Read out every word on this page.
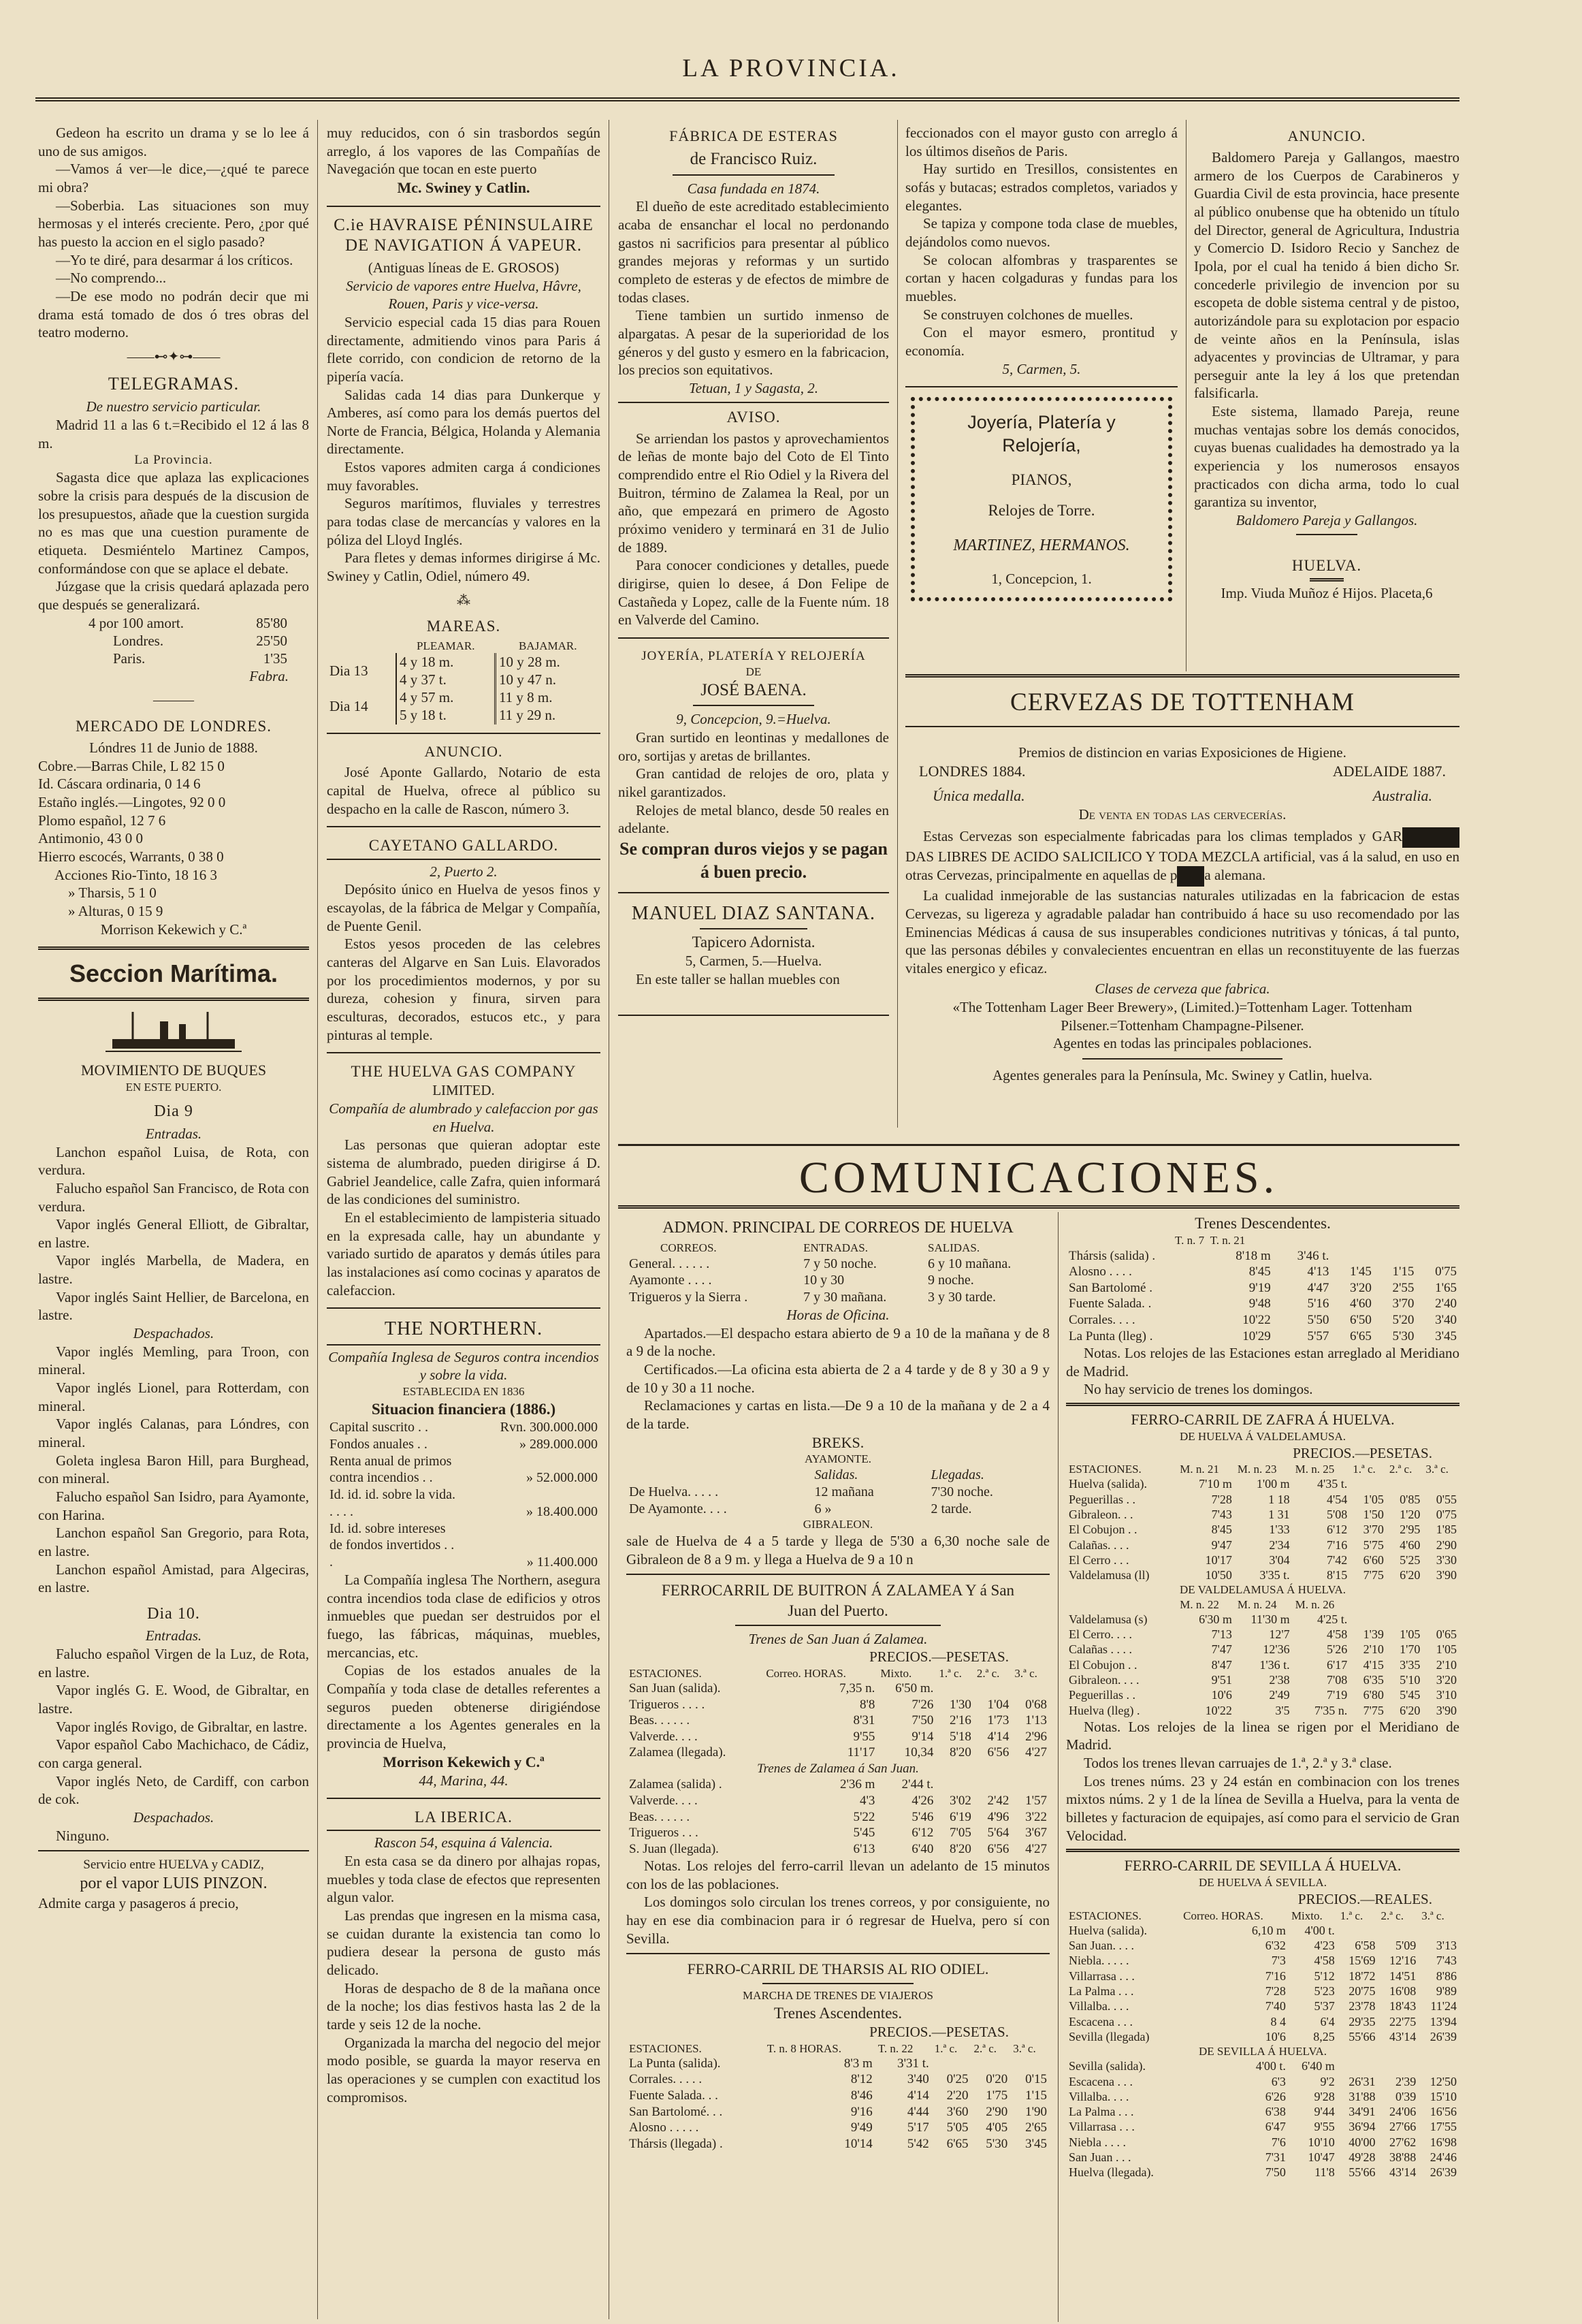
LA PROVINCIA.

Gedeon ha escrito un drama y se lo lee á uno de sus amigos.

—Vamos á ver—le dice,—¿qué te parece mi obra?

—Soberbia. Las situaciones son muy hermosas y el interés creciente. Pero, ¿por qué has puesto la accion en el siglo pasado?

—Yo te diré, para desarmar á los críticos.

—No comprendo...

—De ese modo no podrán decir que mi drama está tomado de dos ó tres obras del teatro moderno.

——⊷✦⊶——
TELEGRAMAS.

De nuestro servicio particular.

Madrid 11 a las 6 t.=Recibido el 12 á las 8 m.

La Provincia.

Sagasta dice que aplaza las explicaciones sobre la crisis para después de la discusion de los presupuestos, añade que la cuestion surgida no es mas que una cuestion puramente de etiqueta. Desmiéntelo Martinez Campos, conformándose con que se aplace el debate.

Júzgase que la crisis quedará aplazada pero que después se generalizará.

4 por 100 amort.	85'80
Londres.	25'50
Paris.	1'35

Fabra.

———
MERCADO DE LONDRES.

Lóndres 11 de Junio de 1888.

Cobre.—Barras Chile, L 82 15 0

Id. Cáscara ordinaria, 0 14 6

Estaño inglés.—Lingotes, 92 0 0

Plomo español, 12 7 6

Antimonio, 43 0 0

Hierro escocés, Warrants, 0 38 0

Acciones Rio-Tinto, 18 16 3

» Tharsis, 5 1 0

» Alturas, 0 15 9

Morrison Kekewich y C.ª

Seccion Marítima.
MOVIMIENTO DE BUQUES
EN ESTE PUERTO.
Dia 9

Entradas.

Lanchon español Luisa, de Rota, con verdura.

Falucho español San Francisco, de Rota con verdura.

Vapor inglés General Elliott, de Gibraltar, en lastre.

Vapor inglés Marbella, de Madera, en lastre.

Vapor inglés Saint Hellier, de Barcelona, en lastre.

Despachados.

Vapor inglés Memling, para Troon, con mineral.

Vapor inglés Lionel, para Rotterdam, con mineral.

Vapor inglés Calanas, para Lóndres, con mineral.

Goleta inglesa Baron Hill, para Burghead, con mineral.

Falucho español San Isidro, para Ayamonte, con Harina.

Lanchon español San Gregorio, para Rota, en lastre.

Lanchon español Amistad, para Algeciras, en lastre.

Dia 10.

Entradas.

Falucho español Virgen de la Luz, de Rota, en lastre.

Vapor inglés G. E. Wood, de Gibraltar, en lastre.

Vapor inglés Rovigo, de Gibraltar, en lastre.

Vapor español Cabo Machichaco, de Cádiz, con carga general.

Vapor inglés Neto, de Cardiff, con carbon de cok.

Despachados.

Ninguno.

Servicio entre HUELVA y CADIZ,

por el vapor LUIS PINZON.

Admite carga y pasageros á precio,

muy reducidos, con ó sin trasbordos según arreglo, á los vapores de las Compañías de Navegación que tocan en este puerto

Mc. Swiney y Catlin.

C.ie HAVRAISE PÉNINSULAIRE DE NAVIGATION Á VAPEUR.

(Antiguas líneas de E. GROSOS)

Servicio de vapores entre Huelva, Hâvre, Rouen, Paris y vice-versa.

Servicio especial cada 15 dias para Rouen directamente, admitiendo vinos para Paris á flete corrido, con condicion de retorno de la pipería vacía.

Salidas cada 14 dias para Dunkerque y Amberes, así como para los demás puertos del Norte de Francia, Bélgica, Holanda y Alemania directamente.

Estos vapores admiten carga á condiciones muy favorables.

Seguros marítimos, fluviales y terrestres para todas clase de mercancías y valores en la póliza del Lloyd Inglés.

Para fletes y demas informes dirigirse á Mc. Swiney y Catlin, Odiel, número 49.

⁂
MAREAS.
	PLEAMAR.	BAJAMAR.
Dia 13	4 y 18 m.	10 y 28 m.
	4 y 37 t.	10 y 47 n.
Dia 14	4 y 57 m.	11 y 8 m.
	5 y 18 t.	11 y 29 n.
ANUNCIO.

José Aponte Gallardo, Notario de esta capital de Huelva, ofrece al público su despacho en la calle de Rascon, número 3.

CAYETANO GALLARDO.

2, Puerto 2.

Depósito único en Huelva de yesos finos y escayolas, de la fábrica de Melgar y Compañía, de Puente Genil.

Estos yesos proceden de las celebres canteras del Algarve en San Luis. Elavorados por los procedimientos modernos, y por su dureza, cohesion y finura, sirven para esculturas, decorados, estucos etc., y para pinturas al temple.

THE HUELVA GAS COMPANY

LIMITED.

Compañía de alumbrado y calefaccion por gas en Huelva.

Las personas que quieran adoptar este sistema de alumbrado, pueden dirigirse á D. Gabriel Jeandelice, calle Zafra, quien informará de las condiciones del suministro.

En el establecimiento de lampisteria situado en la expresada calle, hay un abundante y variado surtido de aparatos y demás útiles para las instalaciones así como cocinas y aparatos de calefaccion.

THE NORTHERN.

Compañía Inglesa de Seguros contra incendios y sobre la vida.

ESTABLECIDA EN 1836

Situacion financiera (1886.)

Capital suscrito . .	Rvn. 300.000.000
Fondos anuales . .	» 289.000.000
Renta anual de primos contra incendios . .	» 52.000.000
Id. id. id. sobre la vida. . . . .	» 18.400.000
Id. id. sobre intereses de fondos invertidos . . .	» 11.400.000

La Compañía inglesa The Northern, asegura contra incendios toda clase de edificios y otros inmuebles que puedan ser destruidos por el fuego, las fábricas, máquinas, muebles, mercancias, etc.

Copias de los estados anuales de la Compañía y toda clase de detalles referentes a seguros pueden obtenerse dirigiéndose directamente a los Agentes generales en la provincia de Huelva,

Morrison Kekewich y C.ª

44, Marina, 44.

LA IBERICA.

Rascon 54, esquina á Valencia.

En esta casa se da dinero por alhajas ropas, muebles y toda clase de efectos que representen algun valor.

Las prendas que ingresen en la misma casa, se cuidan durante la existencia tan como lo pudiera desear la persona de gusto más delicado.

Horas de despacho de 8 de la mañana once de la noche; los dias festivos hasta las 2 de la tarde y seis 12 de la noche.

Organizada la marcha del negocio del mejor modo posible, se guarda la mayor reserva en las operaciones y se cumplen con exactitud los compromisos.

FÁBRICA DE ESTERAS
de Francisco Ruiz.

Casa fundada en 1874.

El dueño de este acreditado establecimiento acaba de ensanchar el local no perdonando gastos ni sacrificios para presentar al público grandes mejoras y reformas y un surtido completo de esteras y de efectos de mimbre de todas clases.

Tiene tambien un surtido inmenso de alpargatas. A pesar de la superioridad de los géneros y del gusto y esmero en la fabricacion, los precios son equitativos.

Tetuan, 1 y Sagasta, 2.

AVISO.

Se arriendan los pastos y aprovechamientos de leñas de monte bajo del Coto de El Tinto comprendido entre el Rio Odiel y la Rivera del Buitron, término de Zalamea la Real, por un año, que empezará en primero de Agosto próximo venidero y terminará en 31 de Julio de 1889.

Para conocer condiciones y detalles, puede dirigirse, quien lo desee, á Don Felipe de Castañeda y Lopez, calle de la Fuente núm. 18 en Valverde del Camino.

JOYERÍA, PLATERÍA Y RELOJERÍA
DE
JOSÉ BAENA.

9, Concepcion, 9.=Huelva.

Gran surtido en leontinas y medallones de oro, sortijas y aretas de brillantes.

Gran cantidad de relojes de oro, plata y nikel garantizados.

Relojes de metal blanco, desde 50 reales en adelante.

Se compran duros viejos y se pagan á buen precio.

MANUEL DIAZ SANTANA.

Tapicero Adornista.

5, Carmen, 5.—Huelva.

En este taller se hallan muebles con

feccionados con el mayor gusto con arreglo á los últimos diseños de Paris.

Hay surtido en Tresillos, consistentes en sofás y butacas; estrados completos, variados y elegantes.

Se tapiza y compone toda clase de muebles, dejándolos como nuevos.

Se colocan alfombras y trasparentes se cortan y hacen colgaduras y fundas para los muebles.

Se construyen colchones de muelles.

Con el mayor esmero, prontitud y economía.

5, Carmen, 5.

Joyería, Platería y Relojería,
PIANOS,
Relojes de Torre.
MARTINEZ, HERMANOS.
1, Concepcion, 1.
ANUNCIO.

Baldomero Pareja y Gallangos, maestro armero de los Cuerpos de Carabineros y Guardia Civil de esta provincia, hace presente al público onubense que ha obtenido un título del Director, general de Agricultura, Industria y Comercio D. Isidoro Recio y Sanchez de Ipola, por el cual ha tenido á bien dicho Sr. concederle privilegio de invencion por su escopeta de doble sistema central y de pistoo, autorizándole para su explotacion por espacio de veinte años en la Península, islas adyacentes y provincias de Ultramar, y para perseguir ante la ley á los que pretendan falsificarla.

Este sistema, llamado Pareja, reune muchas ventajas sobre los demás conocidos, cuyas buenas cualidades ha demostrado ya la experiencia y los numerosos ensayos practicados con dicha arma, todo lo cual garantiza su inventor,

Baldomero Pareja y Gallangos.

HUELVA.

Imp. Viuda Muñoz é Hijos. Placeta,6

CERVEZAS DE TOTTENHAM

Premios de distincion en varias Exposiciones de Higiene.

LONDRES 1884.	ADELAIDE 1887.
Única medalla.	Australia.

De venta en todas las cervecerías.

Estas Cervezas son especialmente fabricadas para los climas templados y GARDAS LIBRES DE ACIDO SALICILICO Y TODA MEZCLA artificial, vas á la salud, en uso en otras Cervezas, principalmente en aquellas de p a alemana.

La cualidad inmejorable de las sustancias naturales utilizadas en la fabricacion de estas Cervezas, su ligereza y agradable paladar han contribuido á hace su uso recomendado por las Eminencias Médicas á causa de sus insuperables condiciones nutritivas y tónicas, á tal punto, que las personas débiles y convalecientes encuentran en ellas un reconstituyente de las fuerzas vitales energico y eficaz.

Clases de cerveza que fabrica.

«The Tottenham Lager Beer Brewery», (Limited.)=Tottenham Lager. Tottenham Pilsener.=Tottenham Champagne-Pilsener.

Agentes en todas las principales poblaciones.

Agentes generales para la Península, Mc. Swiney y Catlin, huelva.

COMUNICACIONES.
ADMON. PRINCIPAL DE CORREOS DE HUELVA
CORREOS.	ENTRADAS.	SALIDAS.
General. . . . . .	7 y 50 noche.	6 y 10 mañana.
Ayamonte . . . .	10 y 30	9 noche.
Trigueros y la Sierra .	7 y 30 mañana.	3 y 30 tarde.

Horas de Oficina.

Apartados.—El despacho estara abierto de 9 a 10 de la mañana y de 8 a 9 de la noche.

Certificados.—La oficina esta abierta de 2 a 4 tarde y de 8 y 30 a 9 y de 10 y 30 a 11 noche.

Reclamaciones y cartas en lista.—De 9 a 10 de la mañana y de 2 a 4 de la tarde.

BREKS.

AYAMONTE.

	Salidas.	Llegadas.
De Huelva. . . . .	12 mañana	7'30 noche.
De Ayamonte. . . .	6 »	2 tarde.

GIBRALEON.

sale de Huelva de 4 a 5 tarde y llega de 5'30 a 6,30 noche sale de Gibraleon de 8 a 9 m. y llega a Huelva de 9 a 10 n

FERROCARRIL DE BUITRON Á ZALAMEA Y á San Juan del Puerto.

Trenes de San Juan á Zalamea.

PRECIOS.—PESETAS.

ESTACIONES.	Correo. HORAS.	Mixto.	1.ª c.	2.ª c.	3.ª c.
San Juan (salida).	7,35 n.	6'50 m.			
Trigueros . . . .	8'8	7'26	1'30	1'04	0'68
Beas. . . . . .	8'31	7'50	2'16	1'73	1'13
Valverde. . . .	9'55	9'14	5'18	4'14	2'96
Zalamea (llegada).	11'17	10,34	8'20	6'56	4'27
Trenes de Zalamea á San Juan.					
Zalamea (salida) .	2'36 m	2'44 t.			
Valverde. . . .	4'3	4'26	3'02	2'42	1'57
Beas. . . . . .	5'22	5'46	6'19	4'96	3'22
Trigueros . . .	5'45	6'12	7'05	5'64	3'67
S. Juan (llegada).	6'13	6'40	8'20	6'56	4'27

Notas. Los relojes del ferro-carril llevan un adelanto de 15 minutos con los de las poblaciones.

Los domingos solo circulan los trenes correos, y por consiguiente, no hay en ese dia combinacion para ir ó regresar de Huelva, pero sí con Sevilla.

FERRO-CARRIL DE THARSIS AL RIO ODIEL.

MARCHA DE TRENES DE VIAJEROS

Trenes Ascendentes.

PRECIOS.—PESETAS.

ESTACIONES.	T. n. 8 HORAS.	T. n. 22	1.ª c.	2.ª c.	3.ª c.
La Punta (salida).	8'3 m	3'31 t.			
Corrales. . . . .	8'12	3'40	0'25	0'20	0'15
Fuente Salada. . .	8'46	4'14	2'20	1'75	1'15
San Bartolomé. . .	9'16	4'44	3'60	2'90	1'90
Alosno . . . . .	9'49	5'17	5'05	4'05	2'65
Thársis (llegada) .	10'14	5'42	6'65	5'30	3'45
Trenes Descendentes.
T. n. 7 T. n. 21
Thársis (salida) .	8'18 m	3'46 t.			
Alosno . . . .	8'45	4'13	1'45	1'15	0'75
San Bartolomé .	9'19	4'47	3'20	2'55	1'65
Fuente Salada. .	9'48	5'16	4'60	3'70	2'40
Corrales. . . .	10'22	5'50	6'50	5'20	3'40
La Punta (lleg) .	10'29	5'57	6'65	5'30	3'45

Notas. Los relojes de las Estaciones estan arreglado al Meridiano de Madrid.

No hay servicio de trenes los domingos.

FERRO-CARRIL DE ZAFRA Á HUELVA.

DE HUELVA Á VALDELAMUSA.

PRECIOS.—PESETAS.

ESTACIONES.	M. n. 21	M. n. 23	M. n. 25	1.ª c.	2.ª c.	3.ª c.
Huelva (salida).	7'10 m	1'00 m	4'35 t.			
Peguerillas . .	7'28	1 18	4'54	1'05	0'85	0'55
Gibraleon. . .	7'43	1 31	5'08	1'50	1'20	0'75
El Cobujon . .	8'45	1'33	6'12	3'70	2'95	1'85
Calañas. . . .	9'47	2'34	7'16	5'75	4'60	2'90
El Cerro . . .	10'17	3'04	7'42	6'60	5'25	3'30
Valdelamusa (ll)	10'50	3'35 t.	8'15	7'75	6'20	3'90
DE VALDELAMUSA Á HUELVA.						
	M. n. 22	M. n. 24	M. n. 26			
Valdelamusa (s)	6'30 m	11'30 m	4'25 t.			
El Cerro. . . .	7'13	12'7	4'58	1'39	1'05	0'65
Calañas . . . .	7'47	12'36	5'26	2'10	1'70	1'05
El Cobujon . .	8'47	1'36 t.	6'17	4'15	3'35	2'10
Gibraleon. . . .	9'51	2'38	7'08	6'35	5'10	3'20
Peguerillas . .	10'6	2'49	7'19	6'80	5'45	3'10
Huelva (lleg) .	10'22	3'5	7'35 n.	7'75	6'20	3'90

Notas. Los relojes de la linea se rigen por el Meridiano de Madrid.

Todos los trenes llevan carruajes de 1.ª, 2.ª y 3.ª clase.

Los trenes núms. 23 y 24 están en combinacion con los trenes mixtos núms. 2 y 1 de la línea de Sevilla a Huelva, para la venta de billetes y facturacion de equipajes, así como para el servicio de Gran Velocidad.

FERRO-CARRIL DE SEVILLA Á HUELVA.

DE HUELVA Á SEVILLA.

PRECIOS.—REALES.

ESTACIONES.	Correo. HORAS.	Mixto.	1.ª c.	2.ª c.	3.ª c.
Huelva (salida).	6,10 m	4'00 t.			
San Juan. . . .	6'32	4'23	6'58	5'09	3'13
Niebla. . . . .	7'3	4'58	15'69	12'16	7'43
Villarrasa . . .	7'16	5'12	18'72	14'51	8'86
La Palma . . .	7'28	5'23	20'75	16'08	9'89
Villalba. . . .	7'40	5'37	23'78	18'43	11'24
Escacena . . .	8 4	6'4	29'35	22'75	13'94
Sevilla (llegada)	10'6	8,25	55'66	43'14	26'39
DE SEVILLA Á HUELVA.					
Sevilla (salida).	4'00 t.	6'40 m			
Escacena . . .	6'3	9'2	26'31	2'39	12'50
Villalba. . . .	6'26	9'28	31'88	0'39	15'10
La Palma . . .	6'38	9'44	34'91	24'06	16'56
Villarrasa . . .	6'47	9'55	36'94	27'66	17'55
Niebla . . . .	7'6	10'10	40'00	27'62	16'98
San Juan . . .	7'31	10'47	49'28	38'88	24'46
Huelva (llegada).	7'50	11'8	55'66	43'14	26'39
